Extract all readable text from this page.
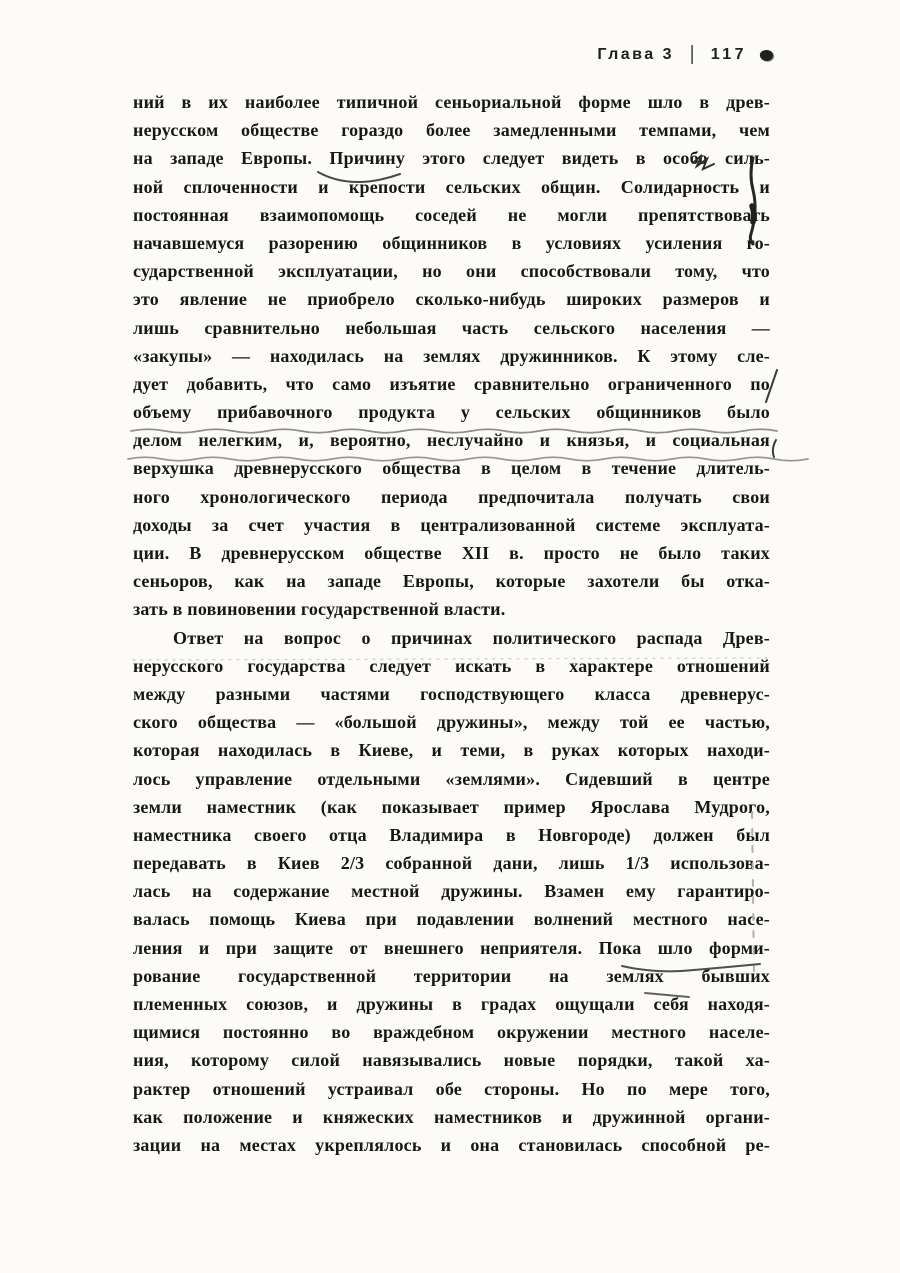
Глава 3 | 117
ний в их наиболее типичной сеньориальной форме шло в древ-
нерусском обществе гораздо более замедленными темпами, чем
на западе Европы. Причину этого следует видеть в особо силь-
ной сплоченности и крепости сельских общин. Солидарность и
постоянная взаимопомощь соседей не могли препятствовать
начавшемуся разорению общинников в условиях усиления го-
сударственной эксплуатации, но они способствовали тому, что
это явление не приобрело сколько-нибудь широких размеров и
лишь сравнительно небольшая часть сельского населения —
«закупы» — находилась на землях дружинников. К этому сле-
дует добавить, что само изъятие сравнительно ограниченного по
объему прибавочного продукта у сельских общинников было
делом нелегким, и, вероятно, неслучайно и князья, и социальная
верхушка древнерусского общества в целом в течение длитель-
ного хронологического периода предпочитала получать свои
доходы за счет участия в централизованной системе эксплуата-
ции. В древнерусском обществе XII в. просто не было таких
сеньоров, как на западе Европы, которые захотели бы отка-
зать в повиновении государственной власти.
Ответ на вопрос о причинах политического распада Древ-
нерусского государства следует искать в характере отношений
между разными частями господствующего класса древнерус-
ского общества — «большой дружины», между той ее частью,
которая находилась в Киеве, и теми, в руках которых находи-
лось управление отдельными «землями». Сидевший в центре
земли наместник (как показывает пример Ярослава Мудрого,
наместника своего отца Владимира в Новгороде) должен был
передавать в Киев 2/3 собранной дани, лишь 1/3 использова-
лась на содержание местной дружины. Взамен ему гарантиро-
валась помощь Киева при подавлении волнений местного насе-
ления и при защите от внешнего неприятеля. Пока шло форми-
рование государственной территории на землях бывших
племенных союзов, и дружины в градах ощущали себя находя-
щимися постоянно во враждебном окружении местного населе-
ния, которому силой навязывались новые порядки, такой ха-
рактер отношений устраивал обе стороны. Но по мере того,
как положение и княжеских наместников и дружинной органи-
зации на местах укреплялось и она становилась способной ре-
